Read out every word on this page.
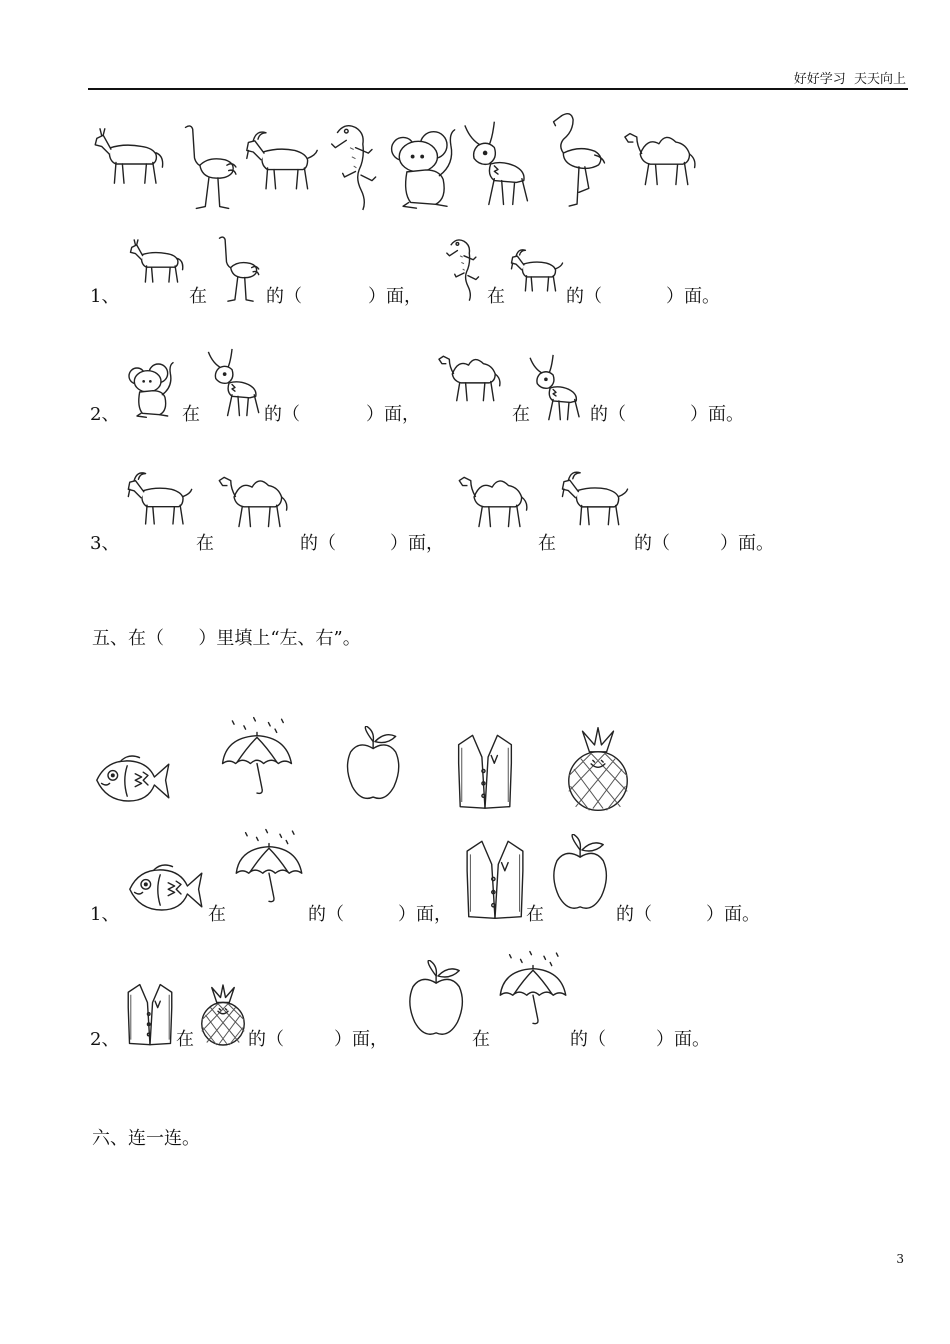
好好学习  天天向上
1、	在	的（	）面，	在	的（	）面。
2、	在	的（	）面，	在	的（	）面。
3、	在	的（	）面，	在	的（	）面。
五、在（      ）里填上“左、右”。
1、	在	的（	）面，	在	的（	）面。
2、	在	的（	）面，	在	的（	）面。
六、连一连。
3
